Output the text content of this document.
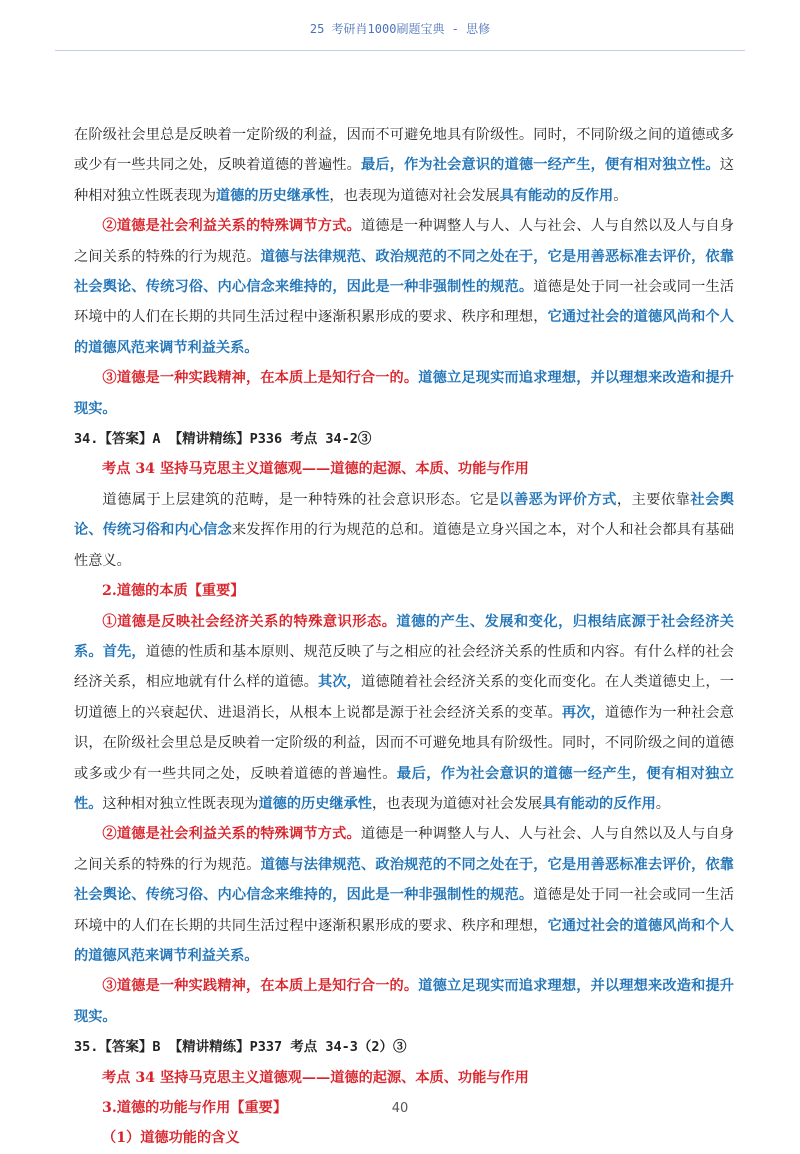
25 考研肖1000刷题宝典 - 思修

在阶级社会里总是反映着一定阶级的利益，因而不可避免地具有阶级性。同时，不同阶级之间的道德或多或少有一些共同之处，反映着道德的普遍性。最后，作为社会意识的道德一经产生，便有相对独立性。这种相对独立性既表现为道德的历史继承性，也表现为道德对社会发展具有能动的反作用。

②道德是社会利益关系的特殊调节方式。道德是一种调整人与人、人与社会、人与自然以及人与自身之间关系的特殊的行为规范。道德与法律规范、政治规范的不同之处在于，它是用善恶标准去评价，依靠社会舆论、传统习俗、内心信念来维持的，因此是一种非强制性的规范。道德是处于同一社会或同一生活环境中的人们在长期的共同生活过程中逐渐积累形成的要求、秩序和理想，它通过社会的道德风尚和个人的道德风范来调节利益关系。

③道德是一种实践精神，在本质上是知行合一的。道德立足现实而追求理想，并以理想来改造和提升现实。

34.【答案】A 【精讲精练】P336 考点 34-2③

考点 34 坚持马克思主义道德观——道德的起源、本质、功能与作用

道德属于上层建筑的范畴，是一种特殊的社会意识形态。它是以善恶为评价方式，主要依靠社会舆论、传统习俗和内心信念来发挥作用的行为规范的总和。道德是立身兴国之本，对个人和社会都具有基础性意义。

2.道德的本质【重要】

①道德是反映社会经济关系的特殊意识形态。道德的产生、发展和变化，归根结底源于社会经济关系。首先，道德的性质和基本原则、规范反映了与之相应的社会经济关系的性质和内容。有什么样的社会经济关系，相应地就有什么样的道德。其次，道德随着社会经济关系的变化而变化。在人类道德史上，一切道德上的兴衰起伏、进退消长，从根本上说都是源于社会经济关系的变革。再次，道德作为一种社会意识，在阶级社会里总是反映着一定阶级的利益，因而不可避免地具有阶级性。同时，不同阶级之间的道德或多或少有一些共同之处，反映着道德的普遍性。最后，作为社会意识的道德一经产生，便有相对独立性。这种相对独立性既表现为道德的历史继承性，也表现为道德对社会发展具有能动的反作用。

②道德是社会利益关系的特殊调节方式。道德是一种调整人与人、人与社会、人与自然以及人与自身之间关系的特殊的行为规范。道德与法律规范、政治规范的不同之处在于，它是用善恶标准去评价，依靠社会舆论、传统习俗、内心信念来维持的，因此是一种非强制性的规范。道德是处于同一社会或同一生活环境中的人们在长期的共同生活过程中逐渐积累形成的要求、秩序和理想，它通过社会的道德风尚和个人的道德风范来调节利益关系。

③道德是一种实践精神，在本质上是知行合一的。道德立足现实而追求理想，并以理想来改造和提升现实。

35.【答案】B 【精讲精练】P337 考点 34-3（2）③

考点 34 坚持马克思主义道德观——道德的起源、本质、功能与作用

3.道德的功能与作用【重要】

（1）道德功能的含义

40
